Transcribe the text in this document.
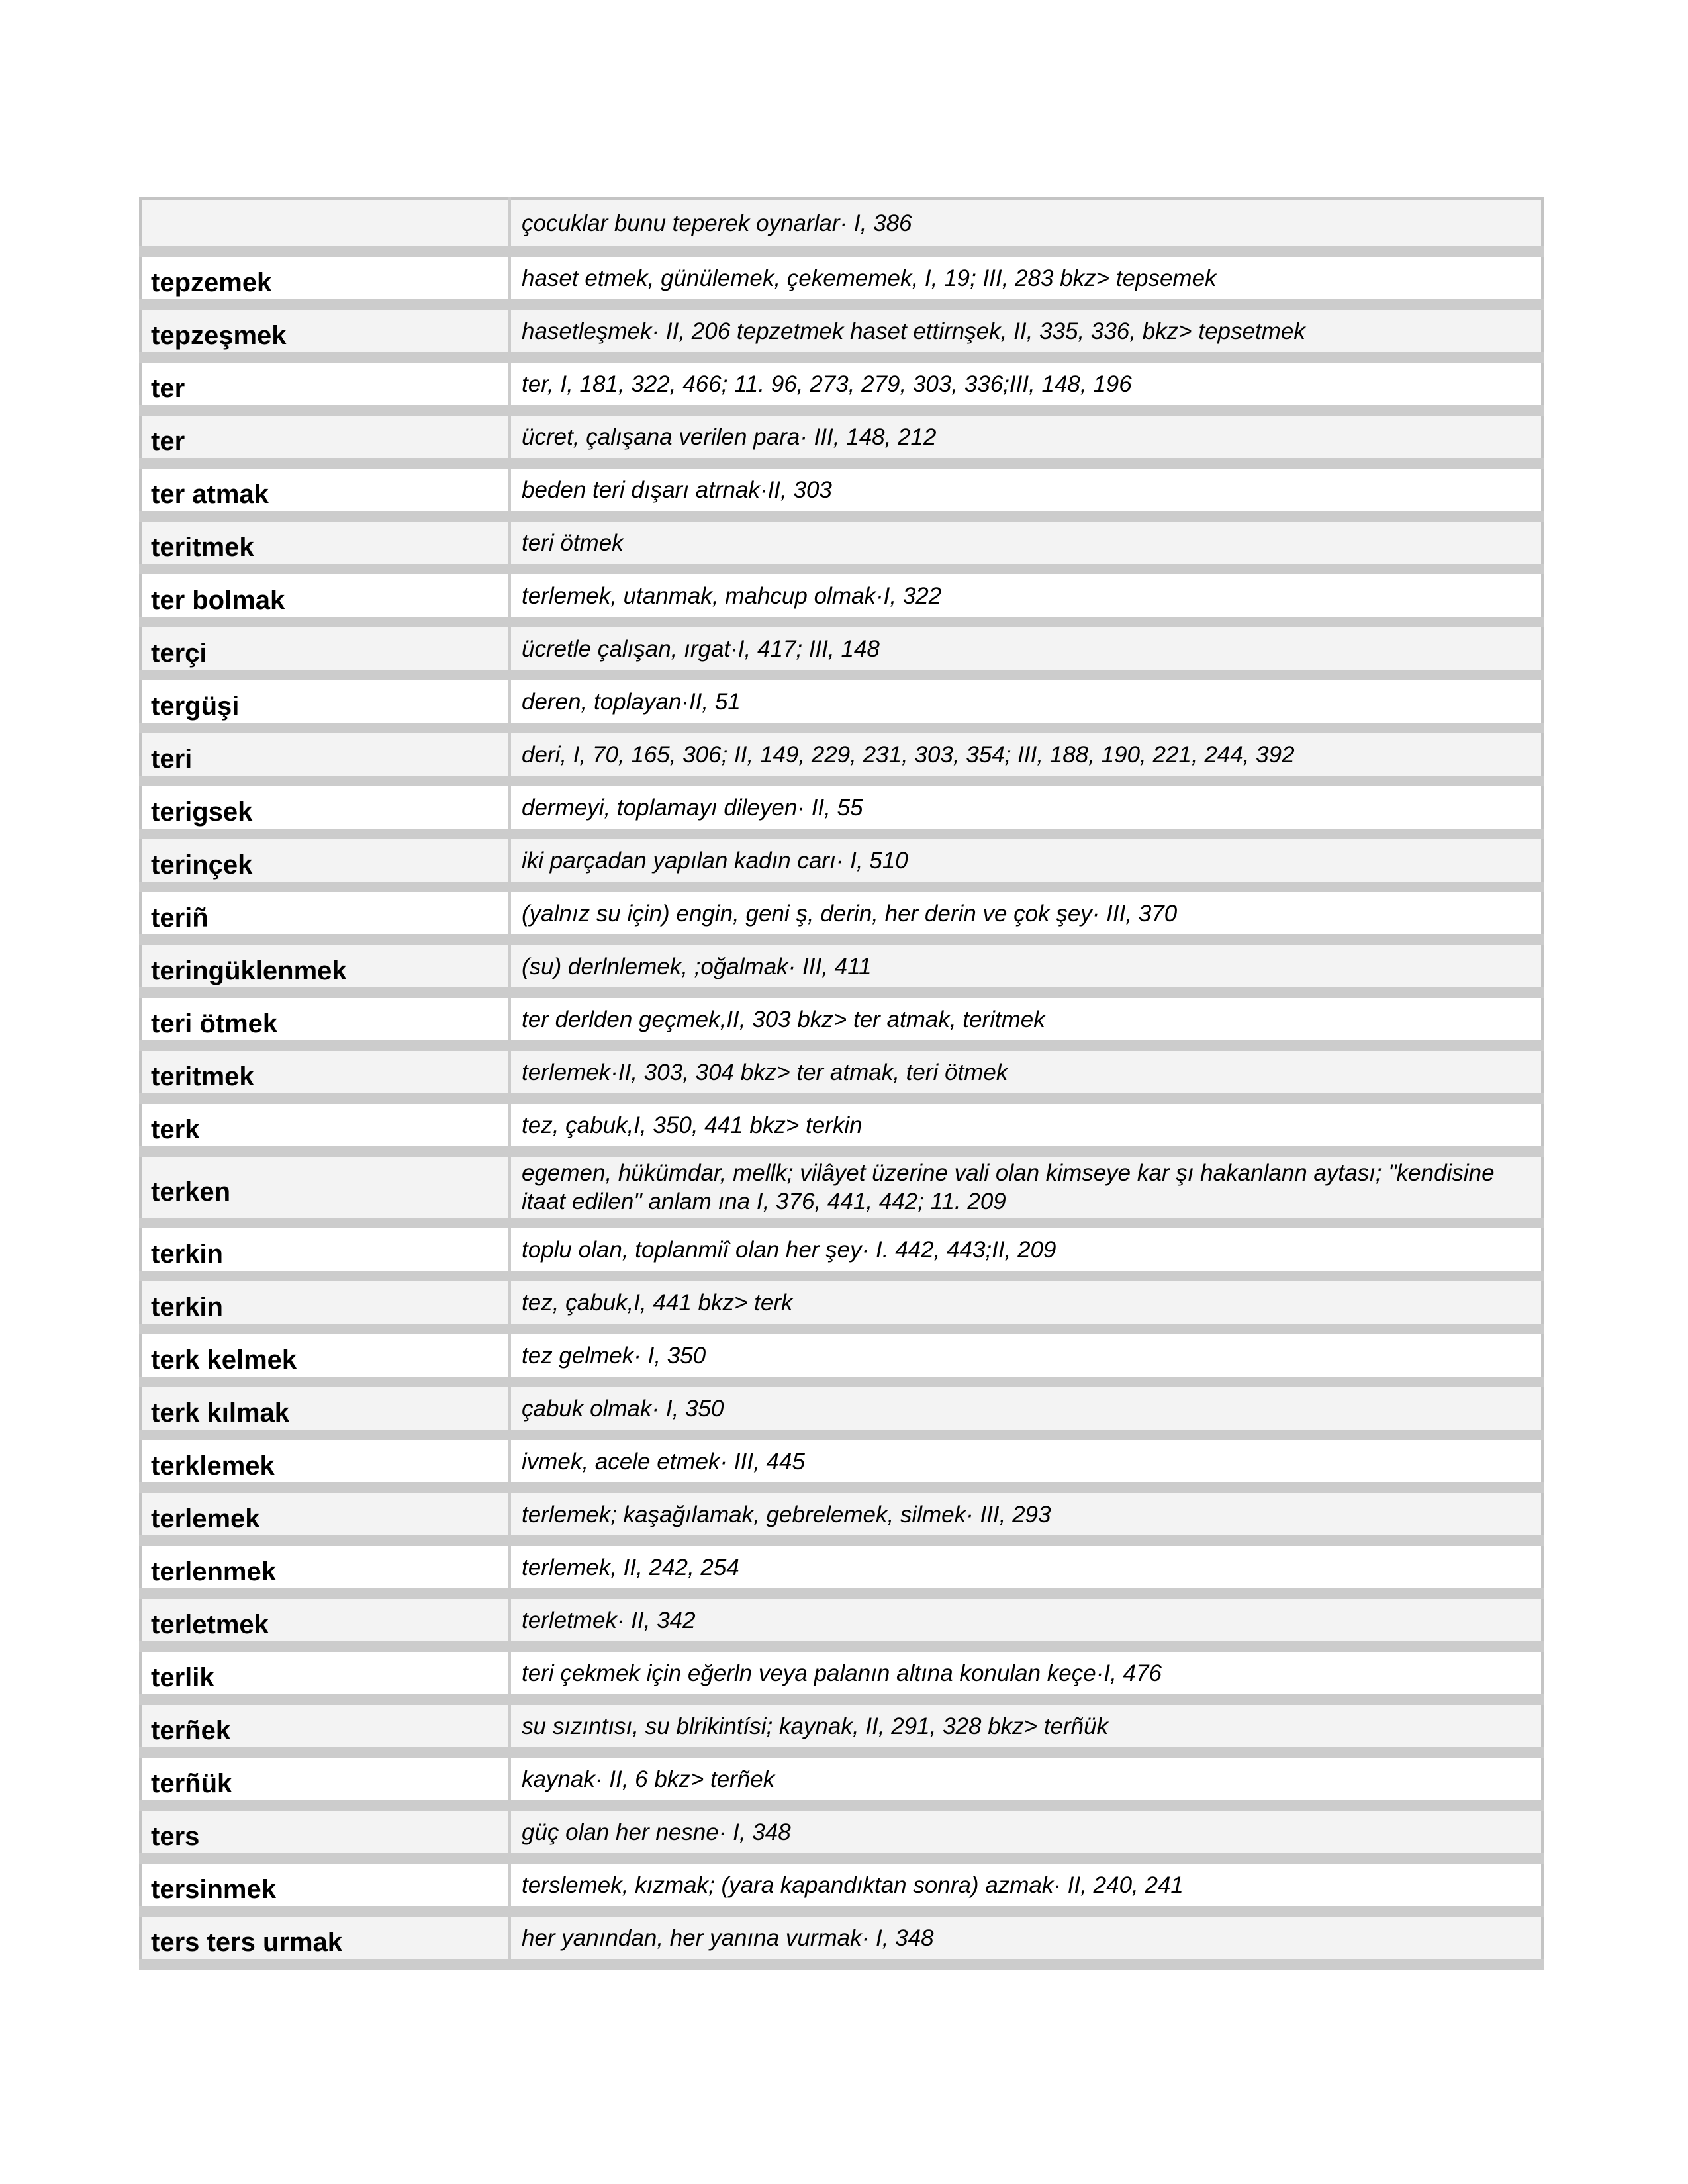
	çocuklar bunu teperek oynarlar· I, 386
tepzemek	haset etmek, günülemek, çekememek, I, 19; III, 283 bkz> tepsemek
tepzeşmek	hasetleşmek· II, 206 tepzetmek haset ettirnşek, II, 335, 336, bkz> tepsetmek
ter	ter, I, 181, 322, 466; 11. 96, 273, 279, 303, 336;III, 148, 196
ter	ücret, çalışana verilen para· III, 148, 212
ter atmak	beden teri dışarı atrnak·II, 303
teritmek	teri ötmek
ter bolmak	terlemek, utanmak, mahcup olmak·I, 322
terçi	ücretle çalışan, ırgat·I, 417; III, 148
tergüşi	deren, toplayan·II, 51
teri	deri, I, 70, 165, 306; II, 149, 229, 231, 303, 354; III, 188, 190, 221, 244, 392
terigsek	dermeyi, toplamayı dileyen· II, 55
terinçek	iki parçadan yapılan kadın carı· I, 510
teriñ	(yalnız su için) engin, geni ş, derin, her derin ve çok şey· III, 370
teringüklenmek	(su) derlnlemek, ;oğalmak· III, 411
teri ötmek	ter derlden geçmek,II, 303 bkz> ter atmak, teritmek
teritmek	terlemek·II, 303, 304 bkz> ter atmak, teri ötmek
terk	tez, çabuk,I, 350, 441 bkz> terkin
terken	egemen, hükümdar, mellk; vilâyet üzerine vali olan kimseye kar şı hakanlann aytası; "kendisine itaat edilen" anlam ına I, 376, 441, 442; 11. 209
terkin	toplu olan, toplanmiî olan her şey· I. 442, 443;II, 209
terkin	tez, çabuk,I, 441 bkz> terk
terk kelmek	tez gelmek· I, 350
terk kılmak	çabuk olmak· I, 350
terklemek	ivmek, acele etmek· III, 445
terlemek	terlemek; kaşağılamak, gebrelemek, silmek· III, 293
terlenmek	terlemek, II, 242, 254
terletmek	terletmek· II, 342
terlik	teri çekmek için eğerln veya palanın altına konulan keçe·I, 476
terñek	su sızıntısı, su blrikintísi; kaynak, II, 291, 328 bkz> terñük
terñük	kaynak· II, 6 bkz> terñek
ters	güç olan her nesne· I, 348
tersinmek	terslemek, kızmak; (yara kapandıktan sonra) azmak· II, 240, 241
ters ters urmak	her yanından, her yanına vurmak· I, 348
